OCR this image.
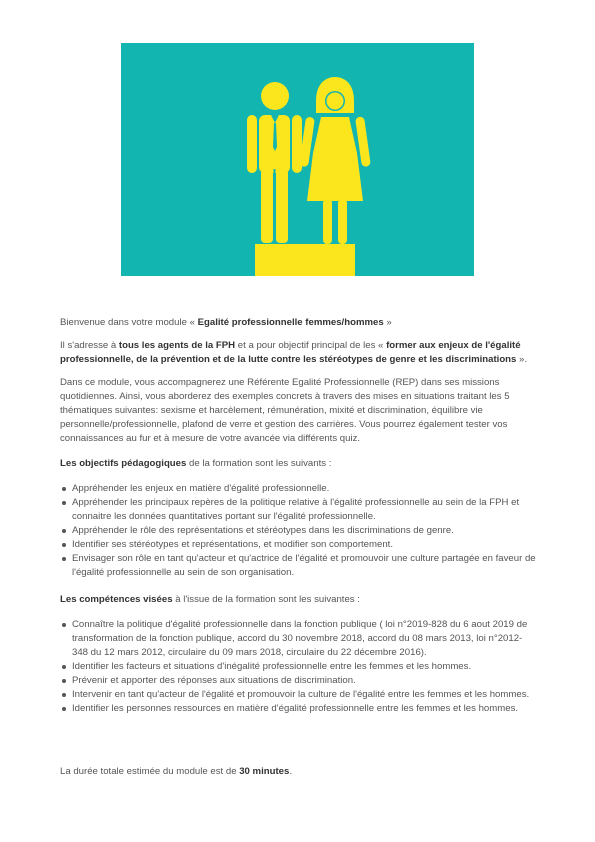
Bienvenue dans votre module « Egalité professionnelle femmes/hommes »

Il s'adresse à tous les agents de la FPH et a pour objectif principal de les « former aux enjeux de l'égalité professionnelle, de la prévention et de la lutte contre les stéréotypes de genre et les discriminations ».

Dans ce module, vous accompagnerez une Référente Egalité Professionnelle (REP) dans ses missions quotidiennes. Ainsi, vous aborderez des exemples concrets à travers des mises en situations traitant les 5 thématiques suivantes: sexisme et harcèlement, rémunération, mixité et discrimination, équilibre vie personnelle/professionnelle, plafond de verre et gestion des carrières. Vous pourrez également tester vos connaissances au fur et à mesure de votre avancée via différents quiz.

Les objectifs pédagogiques de la formation sont les suivants :

Appréhender les enjeux en matière d'égalité professionnelle.
Appréhender les principaux repères de la politique relative à l'égalité professionnelle au sein de la FPH et connaitre les données quantitatives portant sur l'égalité professionnelle.
Appréhender le rôle des représentations et stéréotypes dans les discriminations de genre.
Identifier ses stéréotypes et représentations, et modifier son comportement.
Envisager son rôle en tant qu'acteur et qu'actrice de l'égalité et promouvoir une culture partagée en faveur de l'égalité professionnelle au sein de son organisation.

Les compétences visées à l'issue de la formation sont les suivantes :

Connaître la politique d'égalité professionnelle dans la fonction publique ( loi n°2019-828 du 6 aout 2019 de transformation de la fonction publique, accord du 30 novembre 2018, accord du 08 mars 2013, loi n°2012-348 du 12 mars 2012, circulaire du 09 mars 2018, circulaire du 22 décembre 2016).
Identifier les facteurs et situations d'inégalité professionnelle entre les femmes et les hommes.
Prévenir et apporter des réponses aux situations de discrimination.
Intervenir en tant qu'acteur de l'égalité et promouvoir la culture de l'égalité entre les femmes et les hommes.
Identifier les personnes ressources en matière d'égalité professionnelle entre les femmes et les hommes.

La durée totale estimée du module est de 30 minutes.
